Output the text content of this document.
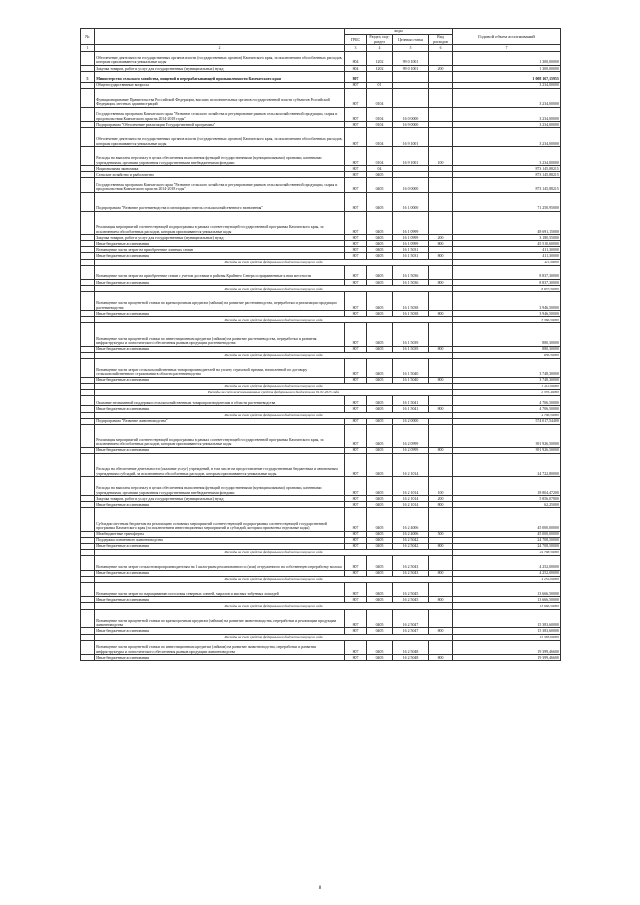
№		коды				Годовой объем ассигнований
		ГРБС	Раздел, под-раздел	Целевая статья	Вид расходов	
1	2	3	4	5	6	7
	Обеспечение деятельности государственных органов власти (государственных органов) Камчатского края, за исключением обособленных расходов, которым присваиваются уникальные коды	804	1202	99 0 1001		1 300,00000
	Закупка товаров, работ и услуг для государственных (муниципальных) нужд	804	1202	99 0 1001	200	1 300,00000
5	Министерство сельского хозяйства, пищевой и перерабатывающей промышленности Камчатского края	807				1 008 167,15955
	Общегосударственные вопросы	807	01			3 234,00000
	Функционирование Правительства Российской Федерации, высших исполнительных органов государственной власти субъектов Российской Федерации, местных администраций	807	0104			3 234,00000
	Государственная программа Камчатского края "Развитие сельского хозяйства и регулирование рынков сельскохозяйственной продукции, сырья и продовольствия Камчатского края на 2014-2018 годы"	807	0104	16 0 0000		3 234,00000
	Подпрограмма "Обеспечение реализации Государственной программы"	807	0104	16 9 0000		3 234,00000
	Обеспечение деятельности государственных органов власти (государственных органов) Камчатского края, за исключением обособленных расходов, которым присваиваются уникальные коды	807	0104	16 9 1001		3 234,00000
	Расходы на выплаты персоналу в целях обеспечения выполнения функций государственными (муниципальными) органами, казенными учреждениями, органами управления государственными внебюджетными фондами	807	0104	16 9 1001	100	3 234,00000
	Национальная экономика	807	04			873 145,88215
	Сельское хозяйство и рыболовство	807	0405			873 145,88215
	Государственная программа Камчатского края "Развитие сельского хозяйства и регулирование рынков сельскохозяйственной продукции, сырья и продовольствия Камчатского края на 2014-2018 годы"	807	0405	16 0 0000		873 145,88215
	Подпрограмма "Развитие растениеводства и мелиорации земель сельскохозяйственного назначения"	807	0405	16 1 0000		71 250,95000
	Реализация мероприятий соответствующей подпрограммы в рамках соответствующей государственной программы Камчатского края, за исключением обособленных расходов, которым присваиваются уникальные коды	807	0405	16 1 0999		48 691,15000
	Закупка товаров, работ и услуг для государственных (муниципальных) нужд	807	0405	16 1 0999	200	3 180,55000
	Иные бюджетные ассигнования	807	0405	16 1 0999	800	45 510,60000
	Возмещение части затрат на приобретение элитных семян	807	0405	16 1 5031		411,30000
	Иные бюджетные ассигнования	807	0405	16 1 5031	800	411,30000
	Расходы за счет средств федерального бюджета текущего года					411,30000
	Возмещение части затрат на приобретение семян с учетом доставки в районы Крайнего Севера и приравненные к ним местности	807	0405	16 1 5036		8 837,30000
	Иные бюджетные ассигнования	807	0405	16 1 5036	800	8 837,30000
	Расходы за счет средств федерального бюджета текущего года					8 837,30000
	Возмещение части процентной ставки по краткосрочным кредитам (займам) на развитие растениеводства, переработки и реализации продукции растениеводства	807	0405	16 1 5038		3 946,50000
	Иные бюджетные ассигнования	807	0405	16 1 5038	800	3 946,50000
	Расходы за счет средств федерального бюджета текущего года					3 366,50000
	Возмещение части процентной ставки по инвестиционным кредитам (займам) на развитие растениеводства, переработки и развития инфраструктуры и логистического обеспечения рынков продукции растениеводства	807	0405	16 1 5039		880,30000
	Иные бюджетные ассигнования	807	0405	16 1 5039	800	880,30000
	Расходы за счет средств федерального бюджета текущего года					836,30000
	Возмещение части затрат сельскохозяйственных товаропроизводителей на уплату страховой премии, начисленной по договору сельскохозяйственного страхования в области растениеводства	807	0405	16 1 5040		3 748,30000
	Иные бюджетные ассигнования	807	0405	16 1 5040	800	3 748,30000
	Расходы за счет средств федерального бюджета текущего года					1 412,90000
	Расходы за счет неиспользованных средств федерального бюджета на 01.01.2015 года					2 335,40000
	Оказание несвязанной поддержки сельскохозяйственным товаропроизводителям в области растениеводства	807	0405	16 1 5041		4 706,50000
	Иные бюджетные ассигнования	807	0405	16 1 5041	800	4 706,50000
	Расходы за счет средств федерального бюджета текущего года					4 706,50000
	Подпрограмма "Развитие животноводства"	807	0405	16 2 0000		574 017,54400
	Реализация мероприятий соответствующей подпрограммы в рамках соответствующей государственной программы Камчатского края, за исключением обособленных расходов, которым присваиваются уникальные коды	807	0405	16 2 0999		391 926,50000
	Иные бюджетные ассигнования	807	0405	16 2 0999	800	391 926,50000
	Расходы на обеспечение деятельности (оказание услуг) учреждений, в том числе на предоставление государственным бюджетным и автономным учреждениям субсидий, за исключением обособленных расходов, которым присваиваются уникальные коды	807	0405	16 2 1014		24 722,80000
	Расходы на выплаты персоналу в целях обеспечения выполнения функций государственными (муниципальными) органами, казенными учреждениями, органами управления государственными внебюджетными фондами	807	0405	16 2 1014	100	18 804,47200
	Закупка товаров, работ и услуг для государственных (муниципальных) нужд	807	0405	16 2 1014	200	5 856,07800
	Иные бюджетные ассигнования	807	0405	16 2 1014	800	62,25000
	Субсидии местным бюджетам на реализацию основных мероприятий соответствующей подпрограммы соответствующей государственной программы Камчатского края (за исключением инвестиционных мероприятий и субсидий, которым присвоены отдельные коды)	807	0405	16 2 4006		45 000,00000
	Межбюджетные трансферты	807	0405	16 2 4006	500	45 000,00000
	Поддержка племенного животноводства	807	0405	16 2 5042		24 708,50000
	Иные бюджетные ассигнования	807	0405	16 2 5042	800	24 708,50000
	Расходы за счет средств федерального бюджета текущего года					24 708,50000
	Возмещение части затрат сельхозтоваропроизводителям на 1 килограмм реализованного и (или) отгруженного на собственную переработку молока	807	0405	16 2 5043		4 252,00000
	Иные бюджетные ассигнования	807	0405	16 2 5043	800	4 252,00000
	Расходы за счет средств федерального бюджета текущего года					4 252,00000
	Возмещение части затрат по наращиванию поголовья северных оленей, маралов и мясных табунных лошадей	807	0405	16 2 5045		13 666,50000
	Иные бюджетные ассигнования	807	0405	16 2 5045	800	13 666,50000
	Расходы за счет средств федерального бюджета текущего года					13 666,50000
	Возмещение части процентной ставки по краткосрочным кредитам (займам) на развитие животноводства, переработки и реализации продукции животноводства	807	0405	16 2 5047		15 383,60000
	Иные бюджетные ассигнования	807	0405	16 2 5047	800	15 383,60000
	Расходы за счет средств федерального бюджета текущего года					15 383,60000
	Возмещение части процентной ставки по инвестиционным кредитам (займам) на развитие животноводства, переработки и развития инфраструктуры и логистического обеспечения рынков продукции животноводства	807	0405	16 2 5048		19 399,46600
	Иные бюджетные ассигнования	807	0405	16 2 5048	800	19 399,46600
8
